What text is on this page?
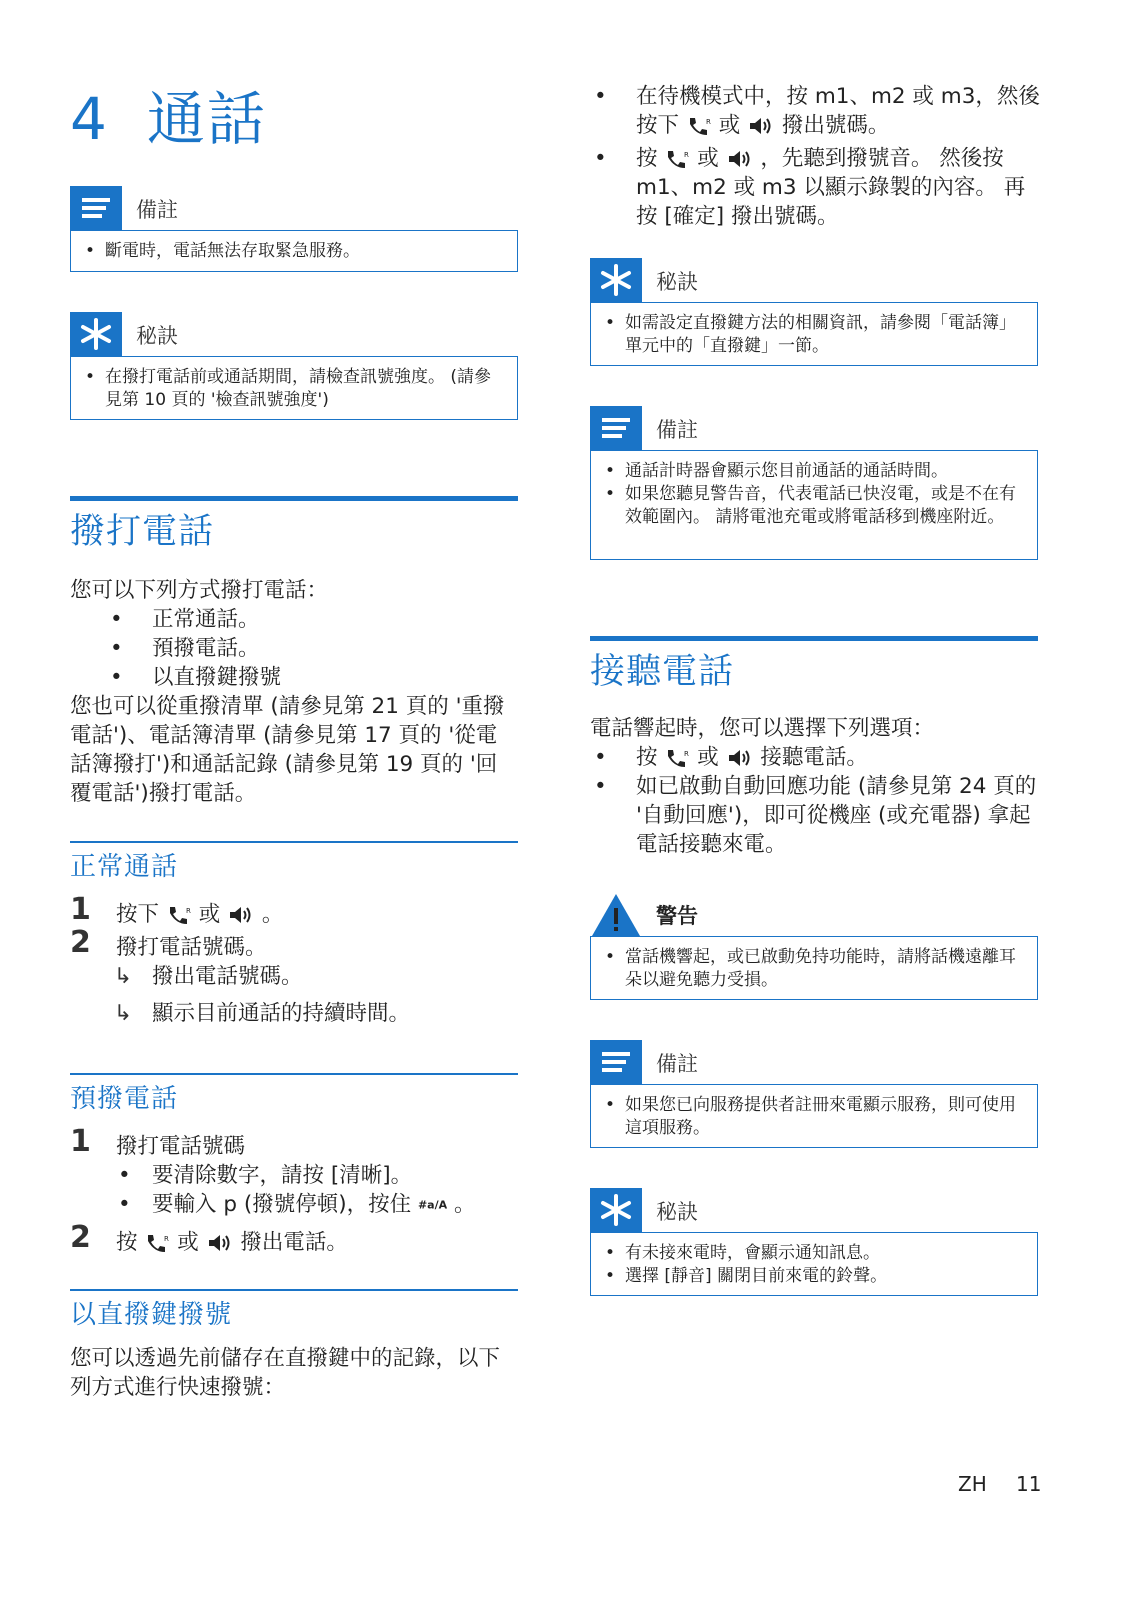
4 通話
備註
• 斷電時，電話無法存取緊急服務。
秘訣
• 在撥打電話前或通話期間，請檢查訊號強度。 (請參見第 10 頁的 '檢查訊號強度')
撥打電話
您可以下列方式撥打電話：
• 正常通話。
• 預撥電話。
• 以直撥鍵撥號
您也可以從重撥清單 (請參見第 21 頁的 '重撥電話')、電話簿清單 (請參見第 17 頁的 '從電話簿撥打')和通話記錄 (請參見第 19 頁的 '回覆電話')撥打電話。
正常通話
1 按下	R 或 。
2 撥打電話號碼。
↳ 撥出電話號碼。
↳ 顯示目前通話的持續時間。
預撥電話
1 撥打電話號碼
• 要清除數字，請按 [清晰]。
• 要輸入 p (撥號停頓)，按住 #a/A 。
2 按	R 或 撥出電話。
以直撥鍵撥號
您可以透過先前儲存在直撥鍵中的記錄，以下列方式進行快速撥號：
• 在待機模式中，按 m1、m2 或 m3，然後按下	R 或 撥出號碼。
• 按	R 或 ，先聽到撥號音。 然後按 m1、m2 或 m3 以顯示錄製的內容。 再按 [確定] 撥出號碼。
秘訣
• 如需設定直撥鍵方法的相關資訊，請參閱「電話簿」單元中的「直撥鍵」一節。
備註
• 通話計時器會顯示您目前通話的通話時間。
• 如果您聽見警告音，代表電話已快沒電，或是不在有效範圍內。 請將電池充電或將電話移到機座附近。
接聽電話
電話響起時，您可以選擇下列選項：
• 按	R 或 接聽電話。
• 如已啟動自動回應功能 (請參見第 24 頁的 '自動回應')，即可從機座 (或充電器) 拿起電話接聽來電。
警告
• 當話機響起，或已啟動免持功能時，請將話機遠離耳朵以避免聽力受損。
備註
• 如果您已向服務提供者註冊來電顯示服務，則可使用這項服務。
秘訣
• 有未接來電時，會顯示通知訊息。
• 選擇 [靜音] 關閉目前來電的鈴聲。
ZH 11
